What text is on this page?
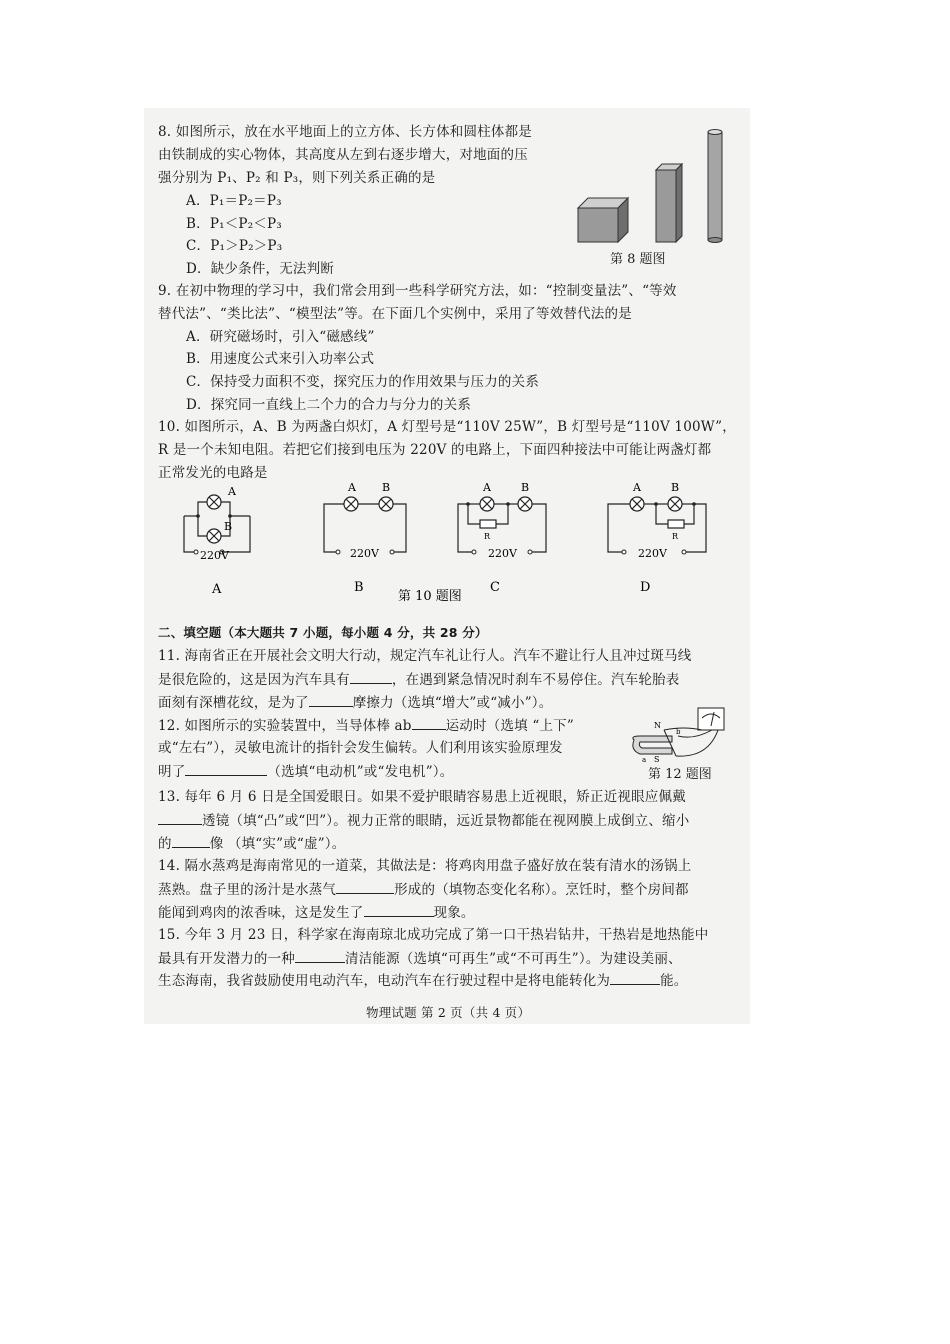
8. 如图所示，放在水平地面上的立方体、长方体和圆柱体都是
由铁制成的实心物体，其高度从左到右逐步增大，对地面的压
强分别为 P₁、P₂ 和 P₃，则下列关系正确的是
A．P₁＝P₂＝P₃
B．P₁＜P₂＜P₃
C．P₁＞P₂＞P₃
D．缺少条件，无法判断
第 8 题图
9. 在初中物理的学习中，我们常会用到一些科学研究方法，如：“控制变量法”、“等效
替代法”、“类比法”、“模型法”等。在下面几个实例中，采用了等效替代法的是
A．研究磁场时，引入“磁感线”
B．用速度公式来引入功率公式
C．保持受力面积不变，探究压力的作用效果与压力的关系
D．探究同一直线上二个力的合力与分力的关系
10. 如图所示，A、B 为两盏白炽灯，A 灯型号是“110V 25W”，B 灯型号是“110V 100W”，
R 是一个未知电阻。若把它们接到电压为 220V 的电路上，下面四种接法中可能让两盏灯都
正常发光的电路是
A
B
220V
A B
220V
A	B
R
220V
A	B
R
220V
A	B	C	D
第 10 题图
二、填空题（本大题共 7 小题，每小题 4 分，共 28 分）
11. 海南省正在开展社会文明大行动，规定汽车礼让行人。汽车不避让行人且冲过斑马线
是很危险的，这是因为汽车具有	，在遇到紧急情况时刹车不易停住。汽车轮胎表
面刻有深槽花纹，是为了	摩擦力（选填“增大”或“减小”）。
12. 如图所示的实验装置中，当导体棒 ab	运动时（选填 “上下”
或“左右”），灵敏电流计的指针会发生偏转。人们利用该实验原理发
明了	（选填“电动机”或“发电机”）。
N
S
a
b
第 12 题图
13. 每年 6 月 6 日是全国爱眼日。如果不爱护眼睛容易患上近视眼，矫正近视眼应佩戴
透镜（填“凸”或“凹”）。视力正常的眼睛，远近景物都能在视网膜上成倒立、缩小
的	像 （填“实”或“虚”）。
14. 隔水蒸鸡是海南常见的一道菜，其做法是：将鸡肉用盘子盛好放在装有清水的汤锅上
蒸熟。盘子里的汤汁是水蒸气	形成的（填物态变化名称）。烹饪时，整个房间都
能闻到鸡肉的浓香味，这是发生了	现象。
15. 今年 3 月 23 日，科学家在海南琼北成功完成了第一口干热岩钻井，干热岩是地热能中
最具有开发潜力的一种	清洁能源（选填“可再生”或“不可再生”）。为建设美丽、
生态海南，我省鼓励使用电动汽车，电动汽车在行驶过程中是将电能转化为	能。
物理试题 第 2 页（共 4 页）
